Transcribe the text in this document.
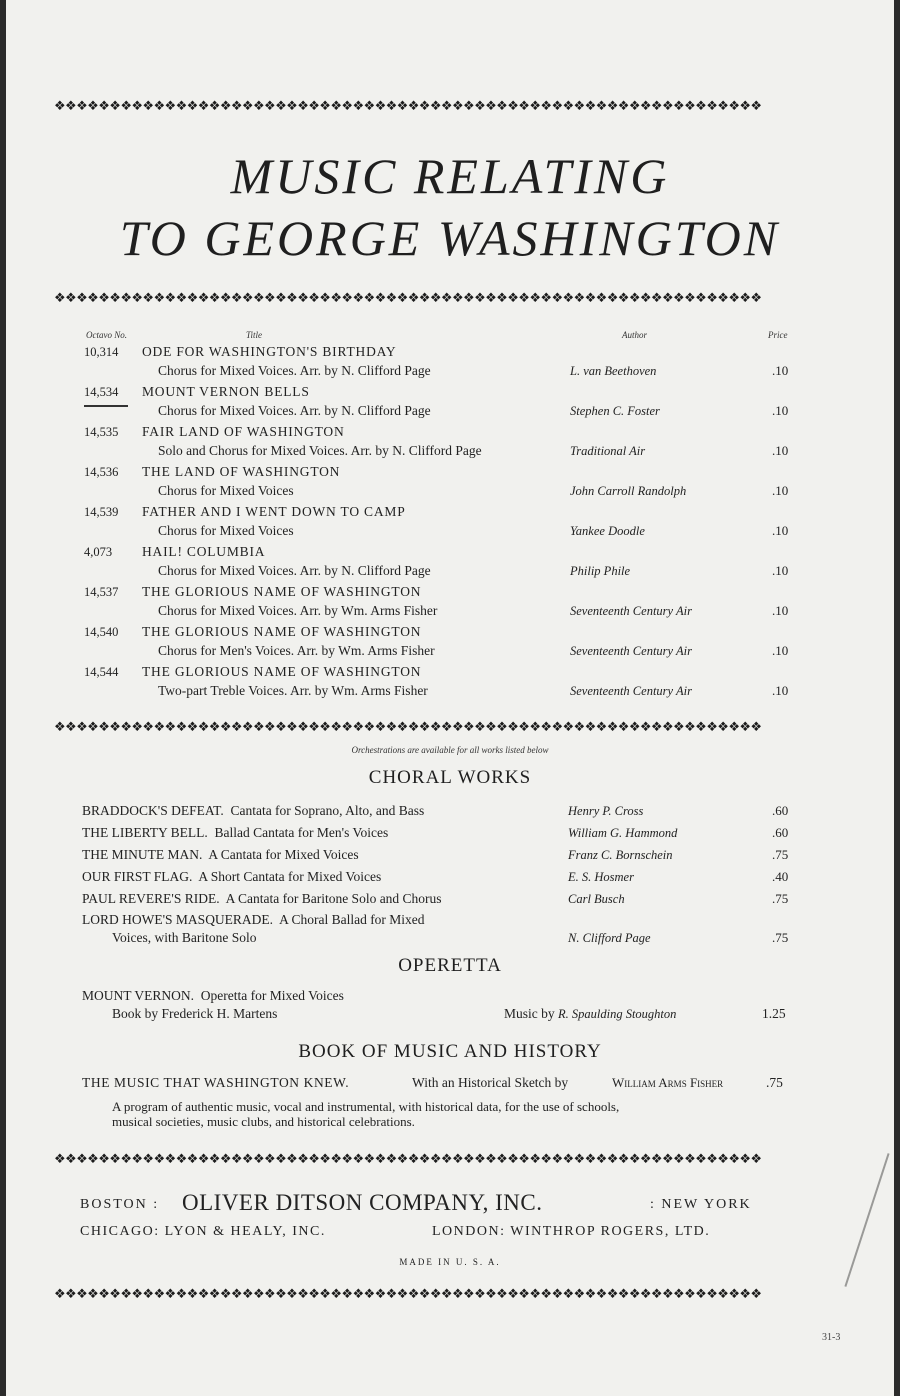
❖❖❖❖❖❖❖❖❖❖❖❖❖❖❖❖❖❖❖❖❖❖❖❖❖❖❖❖❖❖❖❖❖❖❖❖❖❖❖❖❖❖❖❖❖❖❖❖❖❖❖❖❖❖❖❖❖❖❖❖❖❖❖❖
MUSIC RELATING
TO GEORGE WASHINGTON
❖❖❖❖❖❖❖❖❖❖❖❖❖❖❖❖❖❖❖❖❖❖❖❖❖❖❖❖❖❖❖❖❖❖❖❖❖❖❖❖❖❖❖❖❖❖❖❖❖❖❖❖❖❖❖❖❖❖❖❖❖❖❖❖
Octavo No.	Title	Author	Price
10,314	ODE FOR WASHINGTON'S BIRTHDAY
Chorus for Mixed Voices. Arr. by N. Clifford Page	L. van Beethoven	.10
14,534	MOUNT VERNON BELLS
Chorus for Mixed Voices. Arr. by N. Clifford Page	Stephen C. Foster	.10
14,535	FAIR LAND OF WASHINGTON
Solo and Chorus for Mixed Voices. Arr. by N. Clifford Page	Traditional Air	.10
14,536	THE LAND OF WASHINGTON
Chorus for Mixed Voices	John Carroll Randolph	.10
14,539	FATHER AND I WENT DOWN TO CAMP
Chorus for Mixed Voices	Yankee Doodle	.10
4,073	HAIL! COLUMBIA
Chorus for Mixed Voices. Arr. by N. Clifford Page	Philip Phile	.10
14,537	THE GLORIOUS NAME OF WASHINGTON
Chorus for Mixed Voices. Arr. by Wm. Arms Fisher	Seventeenth Century Air	.10
14,540	THE GLORIOUS NAME OF WASHINGTON
Chorus for Men's Voices. Arr. by Wm. Arms Fisher	Seventeenth Century Air	.10
14,544	THE GLORIOUS NAME OF WASHINGTON
Two-part Treble Voices. Arr. by Wm. Arms Fisher	Seventeenth Century Air	.10
❖❖❖❖❖❖❖❖❖❖❖❖❖❖❖❖❖❖❖❖❖❖❖❖❖❖❖❖❖❖❖❖❖❖❖❖❖❖❖❖❖❖❖❖❖❖❖❖❖❖❖❖❖❖❖❖❖❖❖❖❖❖❖❖
Orchestrations are available for all works listed below
CHORAL WORKS
BRADDOCK'S DEFEAT. Cantata for Soprano, Alto, and Bass	Henry P. Cross	.60
THE LIBERTY BELL. Ballad Cantata for Men's Voices	William G. Hammond	.60
THE MINUTE MAN. A Cantata for Mixed Voices	Franz C. Bornschein	.75
OUR FIRST FLAG. A Short Cantata for Mixed Voices	E. S. Hosmer	.40
PAUL REVERE'S RIDE. A Cantata for Baritone Solo and Chorus	Carl Busch	.75
LORD HOWE'S MASQUERADE. A Choral Ballad for Mixed
Voices, with Baritone Solo	N. Clifford Page	.75
OPERETTA
MOUNT VERNON. Operetta for Mixed Voices
Book by Frederick H. Martens	Music by R. Spaulding Stoughton	1.25
BOOK OF MUSIC AND HISTORY
THE MUSIC THAT WASHINGTON KNEW.	With an Historical Sketch by	William Arms Fisher	.75
A program of authentic music, vocal and instrumental, with historical data, for the use of schools,
musical societies, music clubs, and historical celebrations.
❖❖❖❖❖❖❖❖❖❖❖❖❖❖❖❖❖❖❖❖❖❖❖❖❖❖❖❖❖❖❖❖❖❖❖❖❖❖❖❖❖❖❖❖❖❖❖❖❖❖❖❖❖❖❖❖❖❖❖❖❖❖❖❖
BOSTON : OLIVER DITSON COMPANY, INC.	: NEW YORK
CHICAGO: LYON & HEALY, INC.	LONDON: WINTHROP ROGERS, LTD.
MADE IN U. S. A.
❖❖❖❖❖❖❖❖❖❖❖❖❖❖❖❖❖❖❖❖❖❖❖❖❖❖❖❖❖❖❖❖❖❖❖❖❖❖❖❖❖❖❖❖❖❖❖❖❖❖❖❖❖❖❖❖❖❖❖❖❖❖❖❖
31-3
